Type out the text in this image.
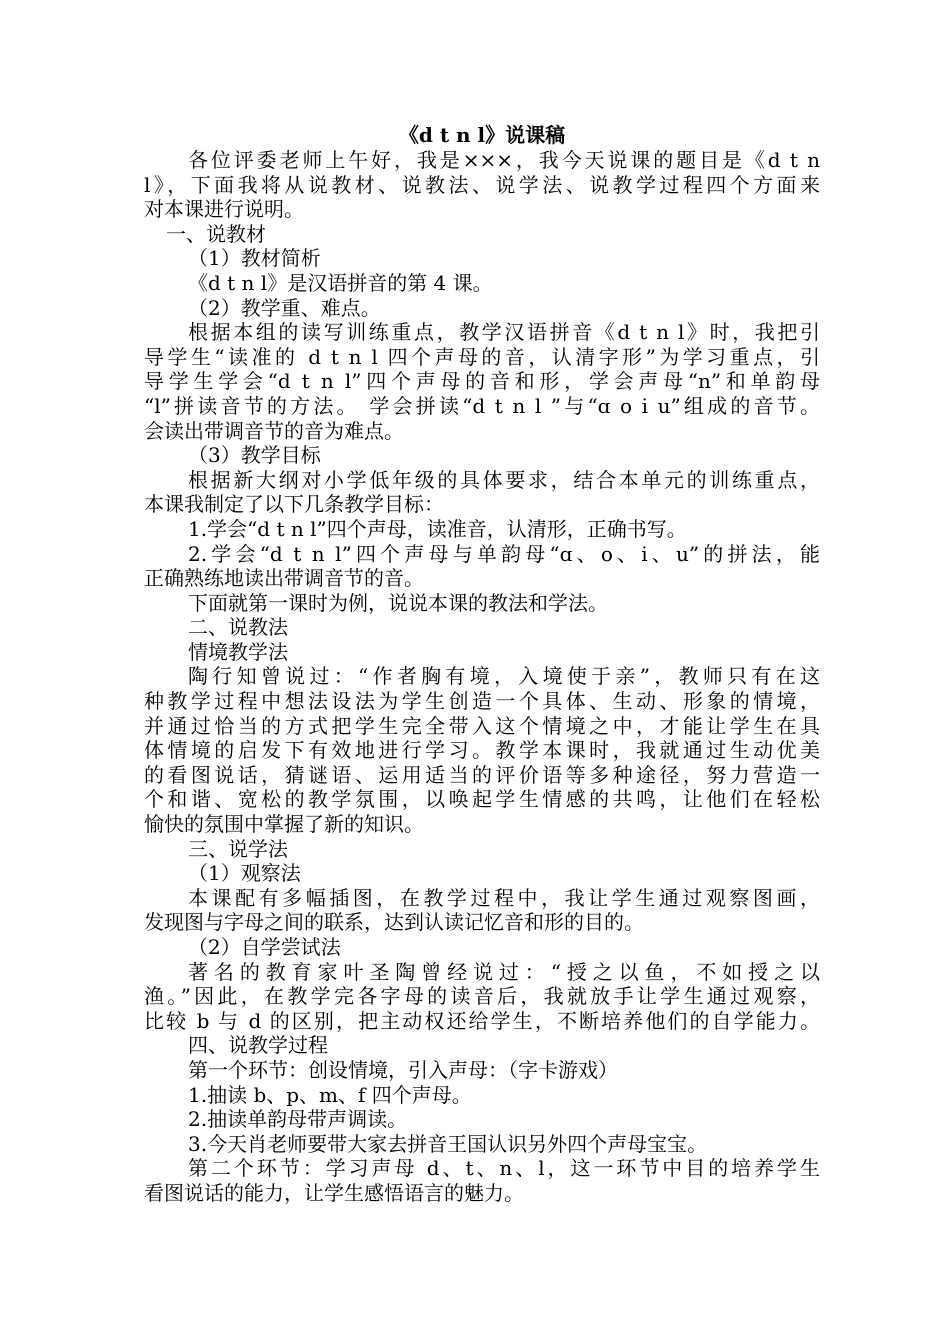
《d t n l》说课稿
各位评委老师上午好，我是×××，我今天说课的题目是《d t n
l》，下面我将从说教材、说教法、说学法、说教学过程四个方面来
对本课进行说明。
一、说教材
（1）教材简析
《d t n l》是汉语拼音的第 4 课。
（2）教学重、难点。
根据本组的读写训练重点，教学汉语拼音《d t n l》时，我把引
导学生“读准的 d t n l 四个声母的音，认清字形”为学习重点，引
导学生学会“d t n l”四个声母的音和形，学会声母“n”和单韵母
“l”拼读音节的方法。 学会拼读“d t n l ”与“ɑ o i u”组成的音节。
会读出带调音节的音为难点。
（3）教学目标
根据新大纲对小学低年级的具体要求，结合本单元的训练重点，
本课我制定了以下几条教学目标：
1.学会“d t n l”四个声母，读准音，认清形，正确书写。
2.学会“d t n l”四个声母与单韵母“ɑ、o、i、u”的拼法，能
正确熟练地读出带调音节的音。
下面就第一课时为例，说说本课的教法和学法。
二、说教法
情境教学法
陶行知曾说过：“作者胸有境，入境使于亲”，教师只有在这
种教学过程中想法设法为学生创造一个具体、生动、形象的情境，
并通过恰当的方式把学生完全带入这个情境之中，才能让学生在具
体情境的启发下有效地进行学习。教学本课时，我就通过生动优美
的看图说话，猜谜语、运用适当的评价语等多种途径，努力营造一
个和谐、宽松的教学氛围，以唤起学生情感的共鸣，让他们在轻松
愉快的氛围中掌握了新的知识。
三、说学法
（1）观察法
本课配有多幅插图，在教学过程中，我让学生通过观察图画，
发现图与字母之间的联系，达到认读记忆音和形的目的。
（2）自学尝试法
著名的教育家叶圣陶曾经说过：“授之以鱼，不如授之以
渔。”因此，在教学完各字母的读音后，我就放手让学生通过观察，
比较 b 与 d 的区别，把主动权还给学生，不断培养他们的自学能力。
四、说教学过程
第一个环节：创设情境，引入声母：（字卡游戏）
1.抽读 b、p、m、f 四个声母。
2.抽读单韵母带声调读。
3.今天肖老师要带大家去拼音王国认识另外四个声母宝宝。
第二个环节：学习声母 d、t、n、l，这一环节中目的培养学生
看图说话的能力，让学生感悟语言的魅力。
